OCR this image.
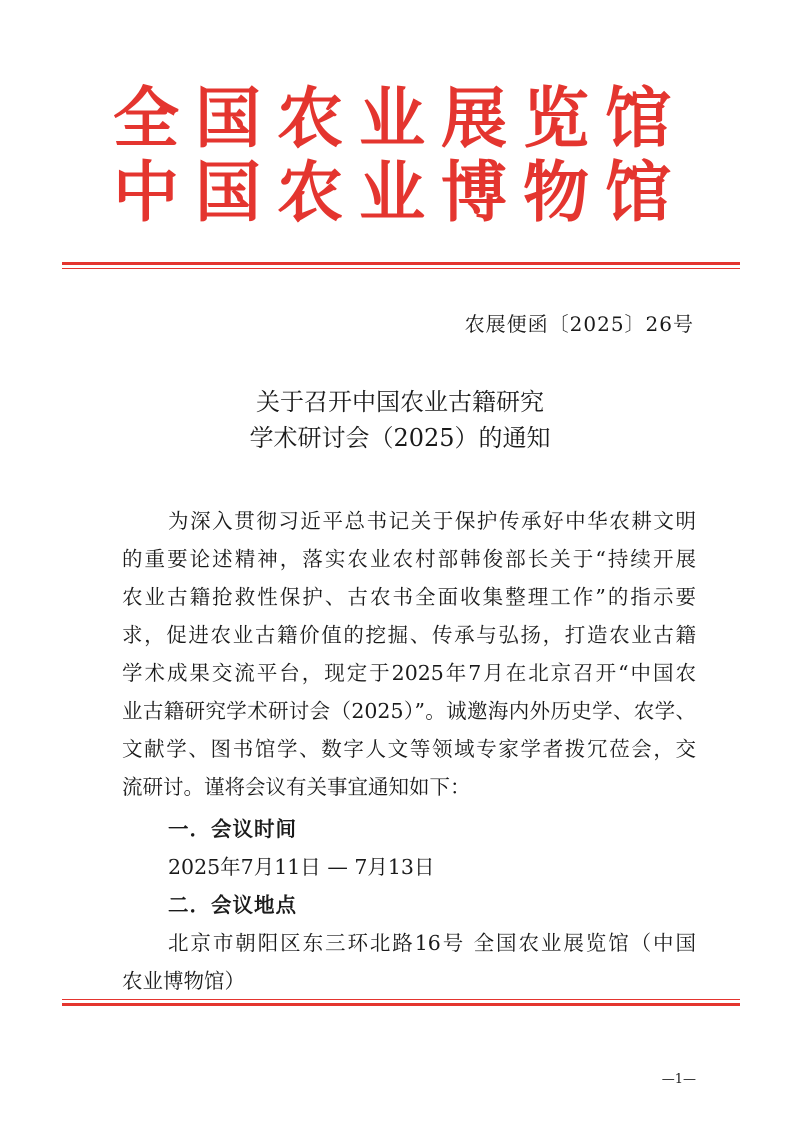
全国农业展览馆
中国农业博物馆
农展便函〔2025〕26号
关于召开中国农业古籍研究
学术研讨会（2025）的通知
为深入贯彻习近平总书记关于保护传承好中华农耕文明
的重要论述精神，落实农业农村部韩俊部长关于“持续开展
农业古籍抢救性保护、古农书全面收集整理工作”的指示要
求，促进农业古籍价值的挖掘、传承与弘扬，打造农业古籍
学术成果交流平台，现定于2025年7月在北京召开“中国农
业古籍研究学术研讨会（2025）”。诚邀海内外历史学、农学、
文献学、图书馆学、数字人文等领域专家学者拨冗莅会，交
流研讨。谨将会议有关事宜通知如下：
一．会议时间
2025年7月11日 — 7月13日
二．会议地点
北京市朝阳区东三环北路16号 全国农业展览馆（中国
农业博物馆）
—1—
